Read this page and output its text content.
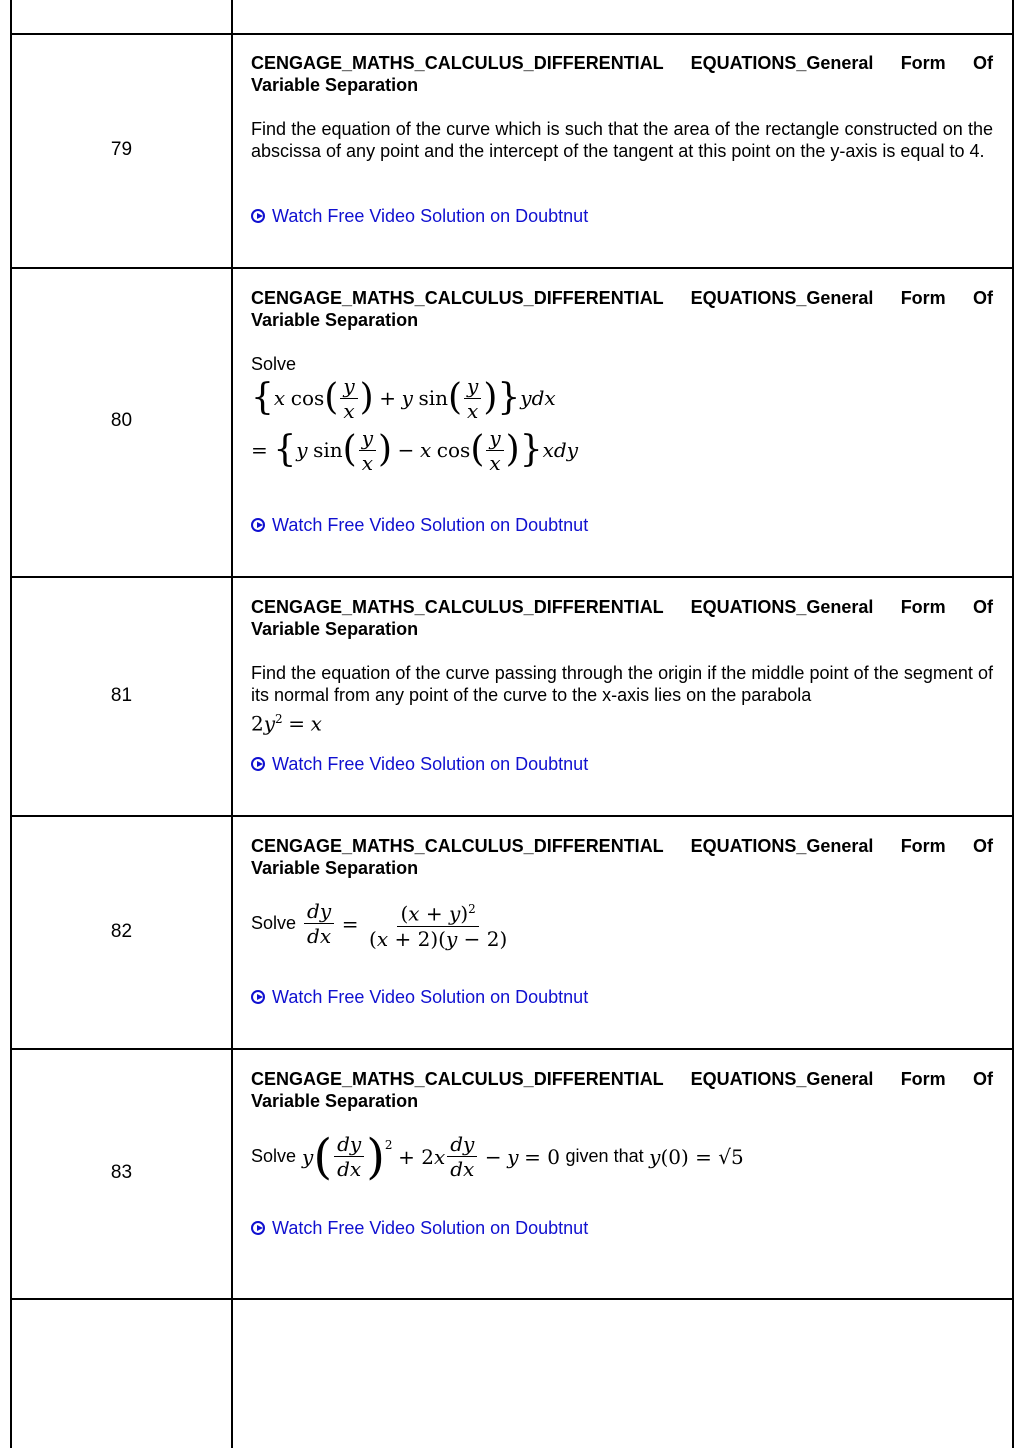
79
CENGAGE_MATHS_CALCULUS_DIFFERENTIAL EQUATIONS_General Form Of Variable Separation
Find the equation of the curve which is such that the area of the rectangle constructed on the abscissa of any point and the intercept of the tangent at this point on the y-axis is equal to 4.
Watch Free Video Solution on Doubtnut
80
CENGAGE_MATHS_CALCULUS_DIFFERENTIAL EQUATIONS_General Form Of Variable Separation
Solve
{ x
cos ( $\frac{y}{x}$ )
+
y
sin ( $\frac{y}{x}$ ) } ydx
=
{ y
sin ( $\frac{y}{x}$ )
−
x
cos ( $\frac{y}{x}$ ) } xdy
Watch Free Video Solution on Doubtnut
81
CENGAGE_MATHS_CALCULUS_DIFFERENTIAL EQUATIONS_General Form Of Variable Separation
Find the equation of the curve passing through the origin if the middle point of the segment of its normal from any point of the curve to the x-axis lies on the parabola
$2y^2 = x$
Watch Free Video Solution on Doubtnut
82
CENGAGE_MATHS_CALCULUS_DIFFERENTIAL EQUATIONS_General Form Of Variable Separation
Solve $\frac{dy}{dx}$
=
$\frac{(x + y)^2}{(x + 2)(y - 2)}$
Watch Free Video Solution on Doubtnut
83
CENGAGE_MATHS_CALCULUS_DIFFERENTIAL EQUATIONS_General Form Of Variable Separation
Solve y ( $\frac{dy}{dx} )^2$
+ 2 x $\frac{dy}{dx}$
−
y
= 0
given that
y (0) = √5
Watch Free Video Solution on Doubtnut
